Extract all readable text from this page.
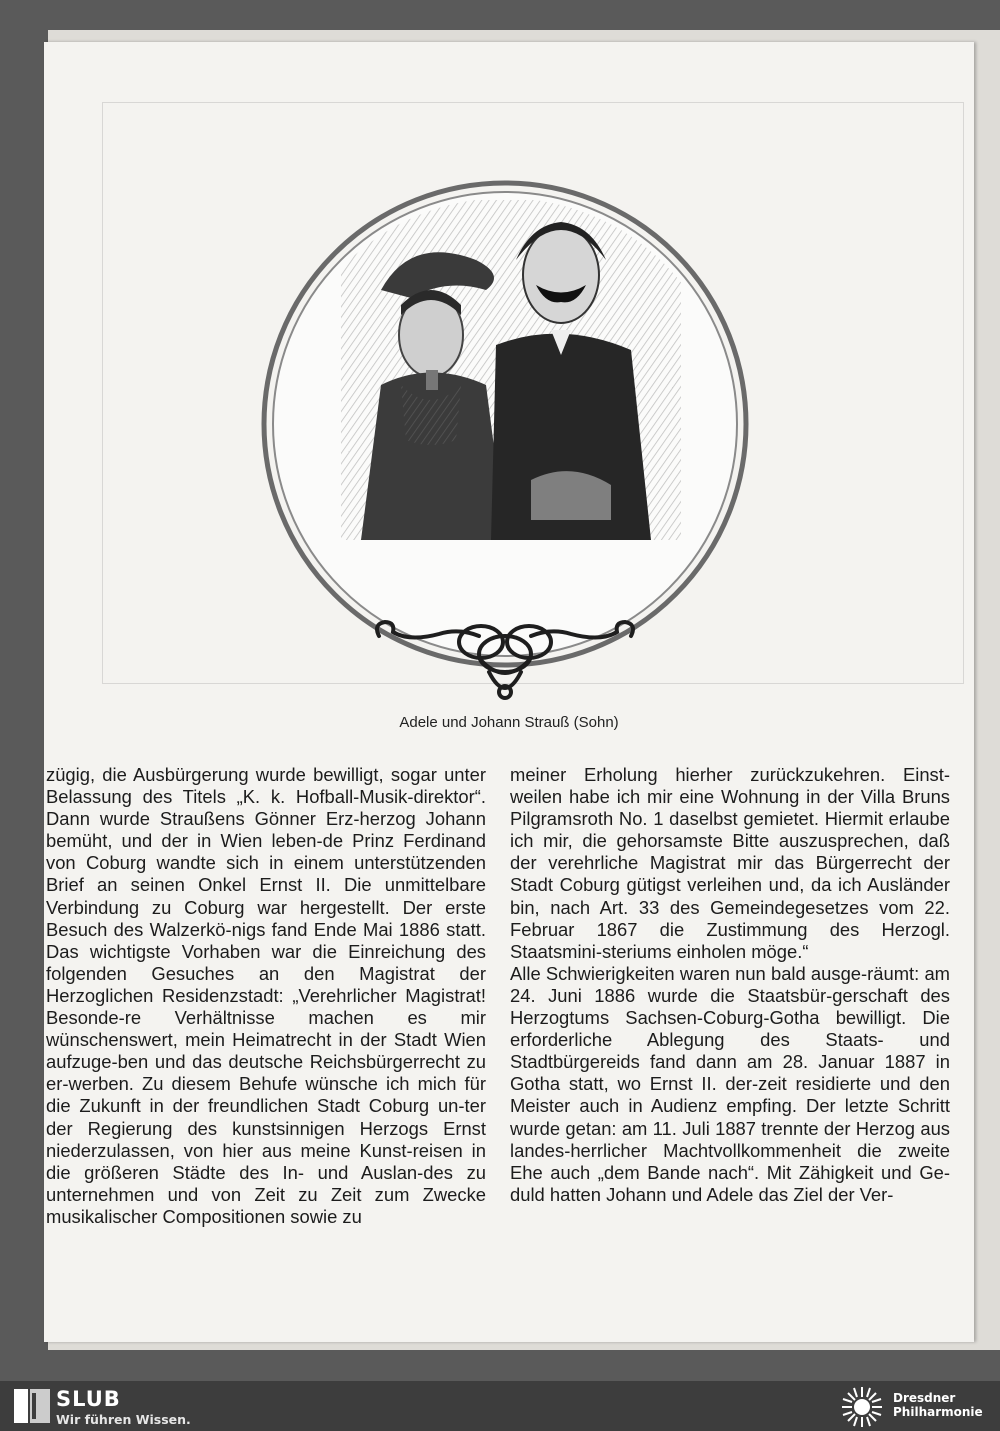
Adele und Johann Strauß (Sohn)

zügig, die Ausbürgerung wurde bewilligt, sogar unter Belassung des Titels „K. k. Hofball-Musik-direktor“. Dann wurde Straußens Gönner Erz-herzog Johann bemüht, und der in Wien leben-de Prinz Ferdinand von Coburg wandte sich in einem unterstützenden Brief an seinen Onkel Ernst II. Die unmittelbare Verbindung zu Coburg war hergestellt. Der erste Besuch des Walzerkö-nigs fand Ende Mai 1886 statt. Das wichtigste Vorhaben war die Einreichung des folgenden Gesuches an den Magistrat der Herzoglichen Residenzstadt: „Verehrlicher Magistrat! Besonde-re Verhältnisse machen es mir wünschenswert, mein Heimatrecht in der Stadt Wien aufzuge-ben und das deutsche Reichsbürgerrecht zu er-werben. Zu diesem Behufe wünsche ich mich für die Zukunft in der freundlichen Stadt Coburg un-ter der Regierung des kunstsinnigen Herzogs Ernst niederzulassen, von hier aus meine Kunst-reisen in die größeren Städte des In- und Auslan-des zu unternehmen und von Zeit zu Zeit zum Zwecke musikalischer Compositionen sowie zu

meiner Erholung hierher zurückzukehren. Einst-weilen habe ich mir eine Wohnung in der Villa Bruns Pilgramsroth No. 1 daselbst gemietet. Hiermit erlaube ich mir, die gehorsamste Bitte auszusprechen, daß der verehrliche Magistrat mir das Bürgerrecht der Stadt Coburg gütigst verleihen und, da ich Ausländer bin, nach Art. 33 des Gemeindegesetzes vom 22. Februar 1867 die Zustimmung des Herzogl. Staatsmini-steriums einholen möge.“

Alle Schwierigkeiten waren nun bald ausge-räumt: am 24. Juni 1886 wurde die Staatsbür-gerschaft des Herzogtums Sachsen-Coburg-Gotha bewilligt. Die erforderliche Ablegung des Staats- und Stadtbürgereids fand dann am 28. Januar 1887 in Gotha statt, wo Ernst II. der-zeit residierte und den Meister auch in Audienz empfing. Der letzte Schritt wurde getan: am 11. Juli 1887 trennte der Herzog aus landes-herrlicher Machtvollkommenheit die zweite Ehe auch „dem Bande nach“. Mit Zähigkeit und Ge-duld hatten Johann und Adele das Ziel der Ver-

SLUB
Wir führen Wissen.
Dresdner
Philharmonie
